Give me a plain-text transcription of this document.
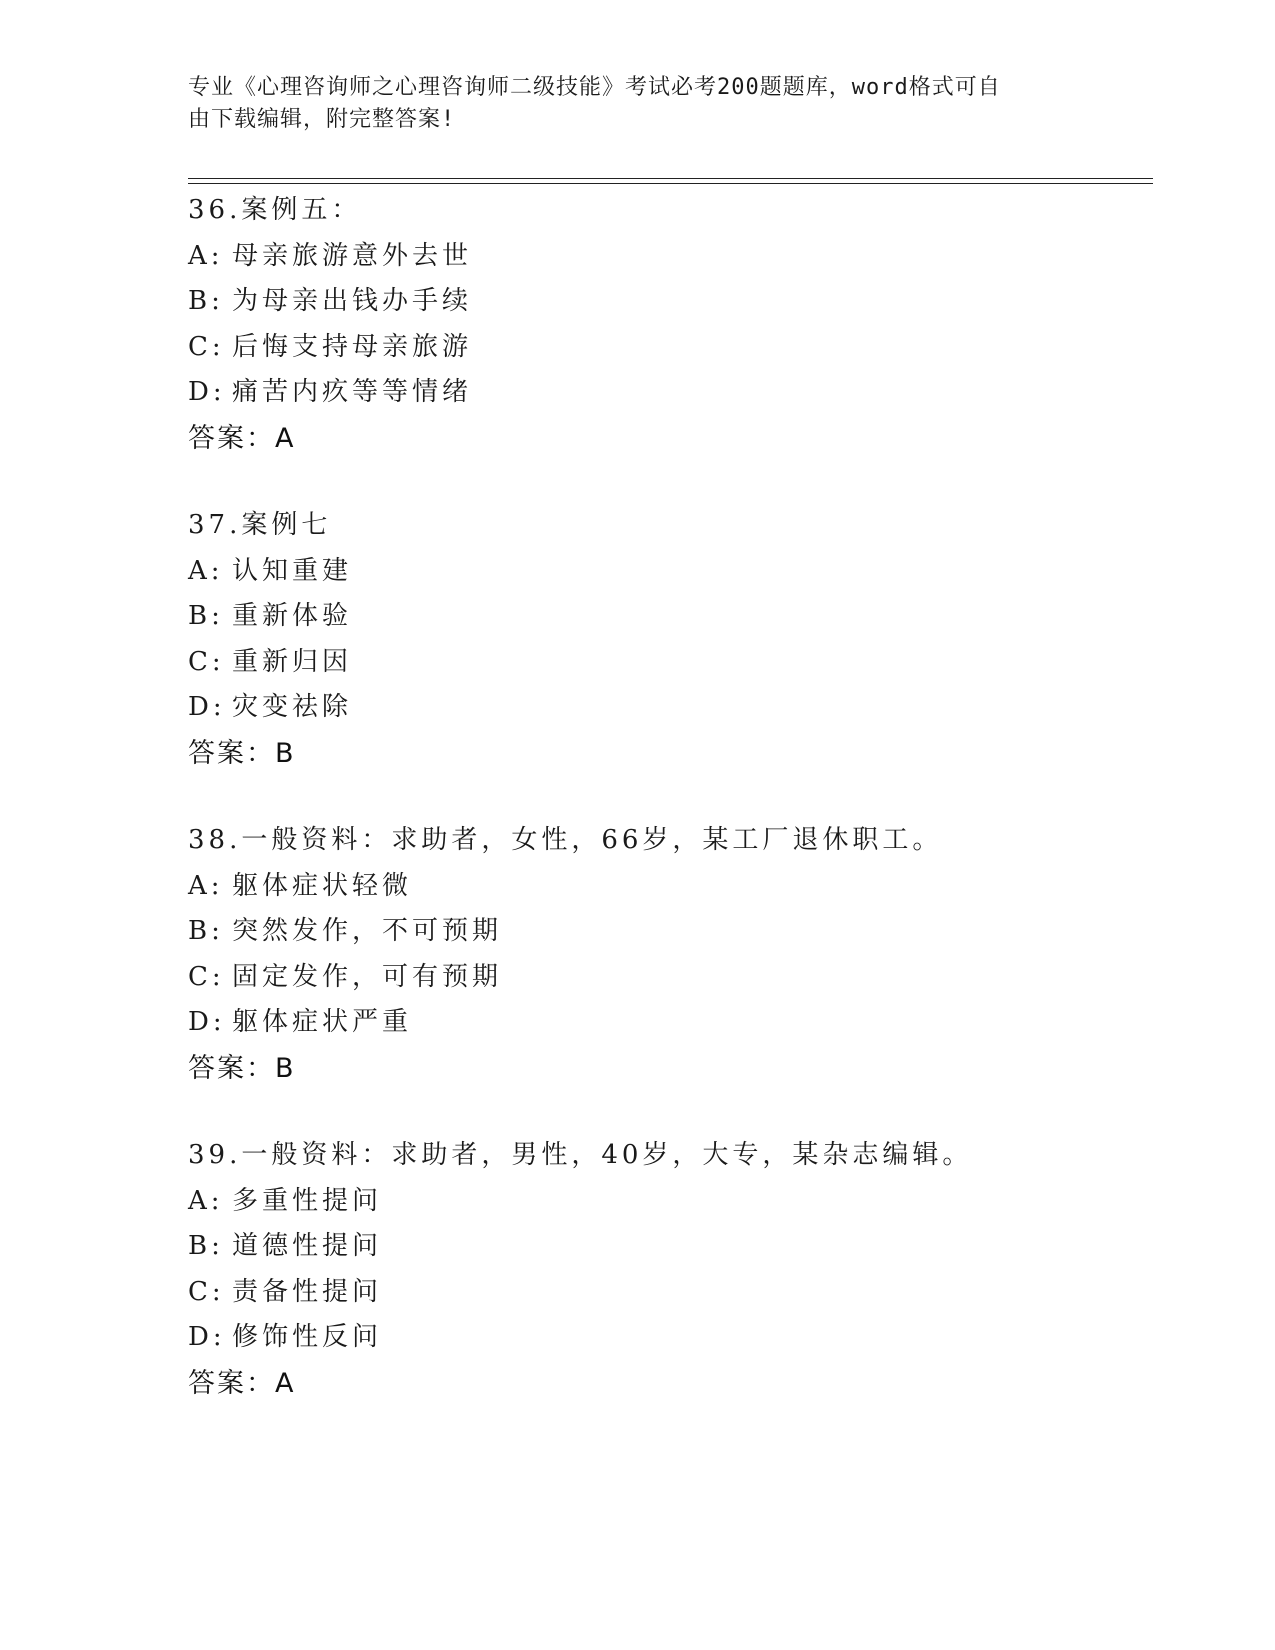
专业《心理咨询师之心理咨询师二级技能》考试必考200题题库，word格式可自
由下载编辑，附完整答案!
36.案例五：
A: 母亲旅游意外去世
B: 为母亲出钱办手续
C: 后悔支持母亲旅游
D: 痛苦内疚等等情绪
答案：A
37.案例七
A: 认知重建
B: 重新体验
C: 重新归因
D: 灾变祛除
答案：B
38.一般资料：求助者，女性，66岁，某工厂退休职工。
A: 躯体症状轻微
B: 突然发作，不可预期
C: 固定发作，可有预期
D: 躯体症状严重
答案：B
39.一般资料：求助者，男性，40岁，大专，某杂志编辑。
A: 多重性提问
B: 道德性提问
C: 责备性提问
D: 修饰性反问
答案：A
